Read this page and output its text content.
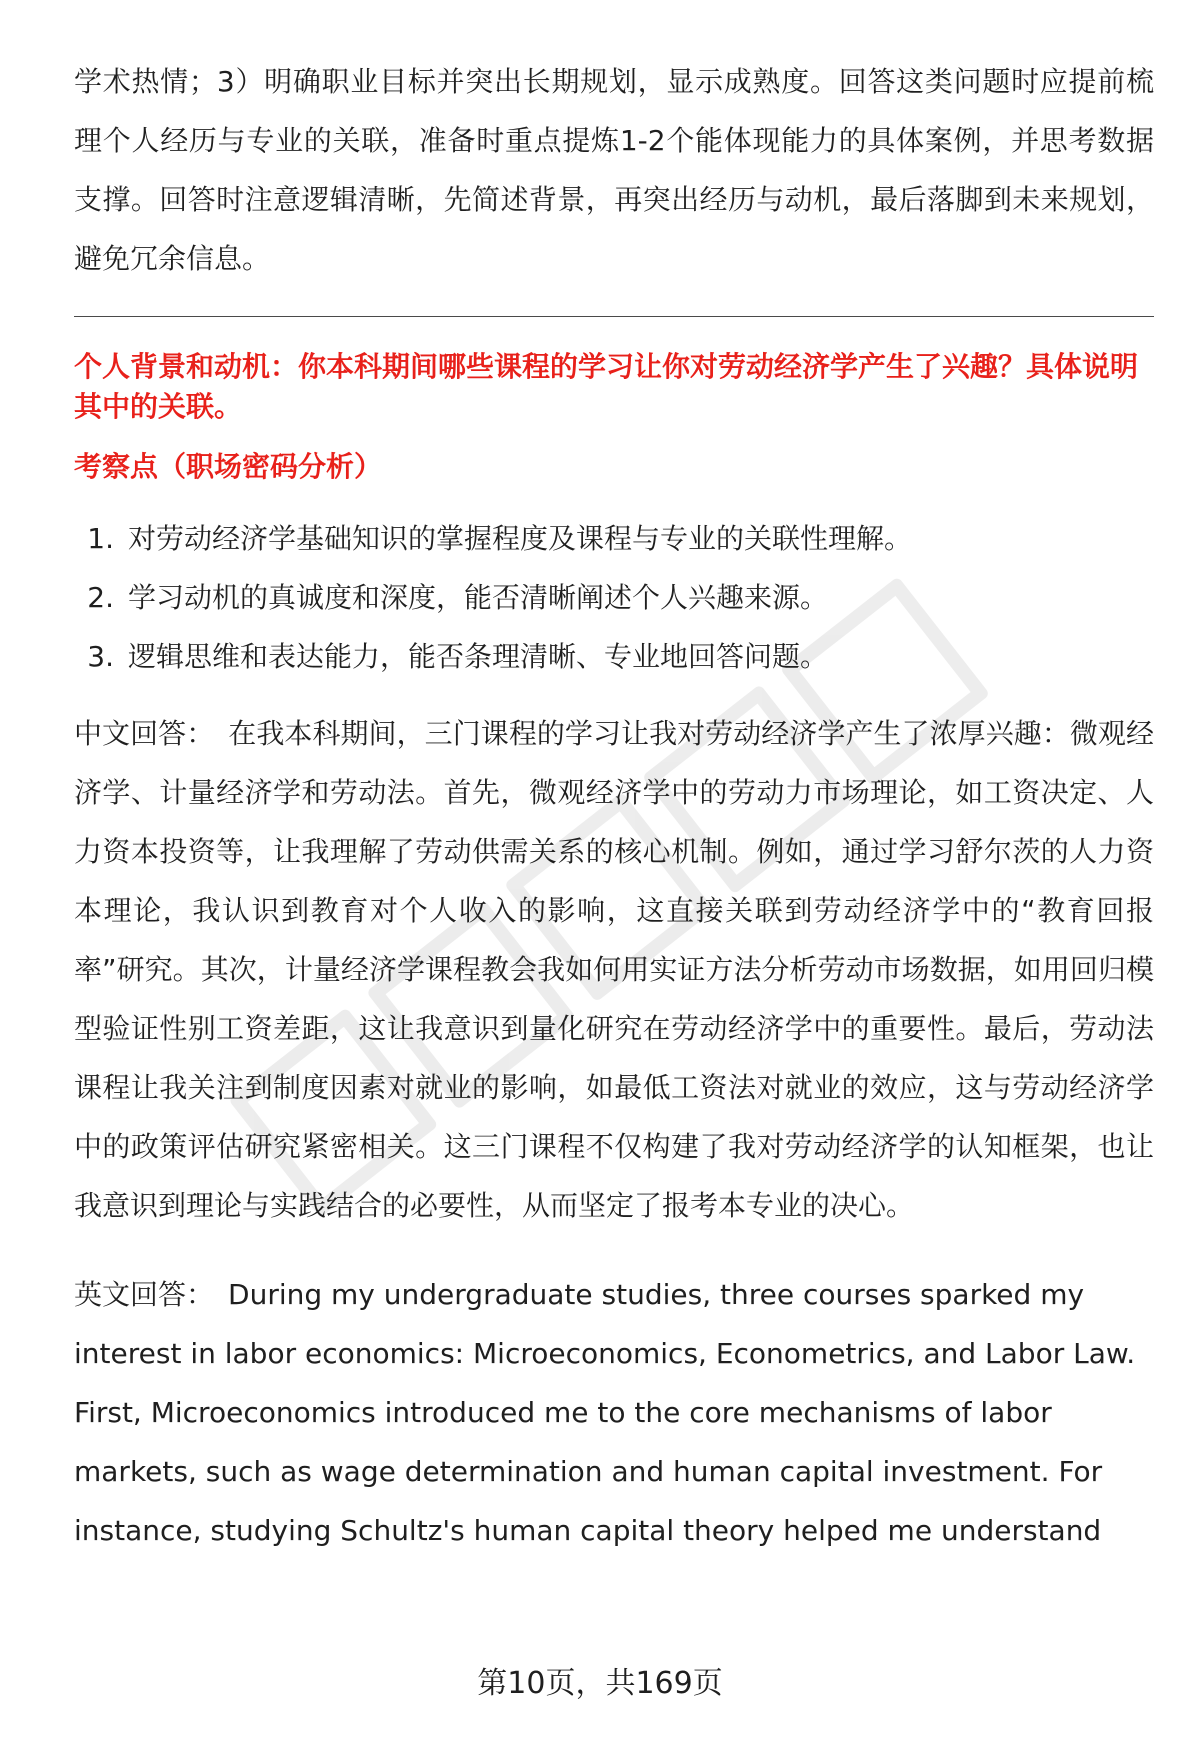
学术热情；3）明确职业目标并突出长期规划，显示成熟度。回答这类问题时应提前梳理个人经历与专业的关联，准备时重点提炼1-2个能体现能力的具体案例，并思考数据支撑。回答时注意逻辑清晰，先简述背景，再突出经历与动机，最后落脚到未来规划，避免冗余信息。

个人背景和动机：你本科期间哪些课程的学习让你对劳动经济学产生了兴趣？具体说明其中的关联。

考察点（职场密码分析）

1. 对劳动经济学基础知识的掌握程度及课程与专业的关联性理解。
2. 学习动机的真诚度和深度，能否清晰阐述个人兴趣来源。
3. 逻辑思维和表达能力，能否条理清晰、专业地回答问题。

中文回答： 在我本科期间，三门课程的学习让我对劳动经济学产生了浓厚兴趣：微观经济学、计量经济学和劳动法。首先，微观经济学中的劳动力市场理论，如工资决定、人力资本投资等，让我理解了劳动供需关系的核心机制。例如，通过学习舒尔茨的人力资本理论，我认识到教育对个人收入的影响，这直接关联到劳动经济学中的“教育回报率”研究。其次，计量经济学课程教会我如何用实证方法分析劳动市场数据，如用回归模型验证性别工资差距，这让我意识到量化研究在劳动经济学中的重要性。最后，劳动法课程让我关注到制度因素对就业的影响，如最低工资法对就业的效应，这与劳动经济学中的政策评估研究紧密相关。这三门课程不仅构建了我对劳动经济学的认知框架，也让我意识到理论与实践结合的必要性，从而坚定了报考本专业的决心。

英文回答： During my undergraduate studies, three courses sparked my interest in labor economics: Microeconomics, Econometrics, and Labor Law. First, Microeconomics introduced me to the core mechanisms of labor markets, such as wage determination and human capital investment. For instance, studying Schultz's human capital theory helped me understand

第10页，共169页
